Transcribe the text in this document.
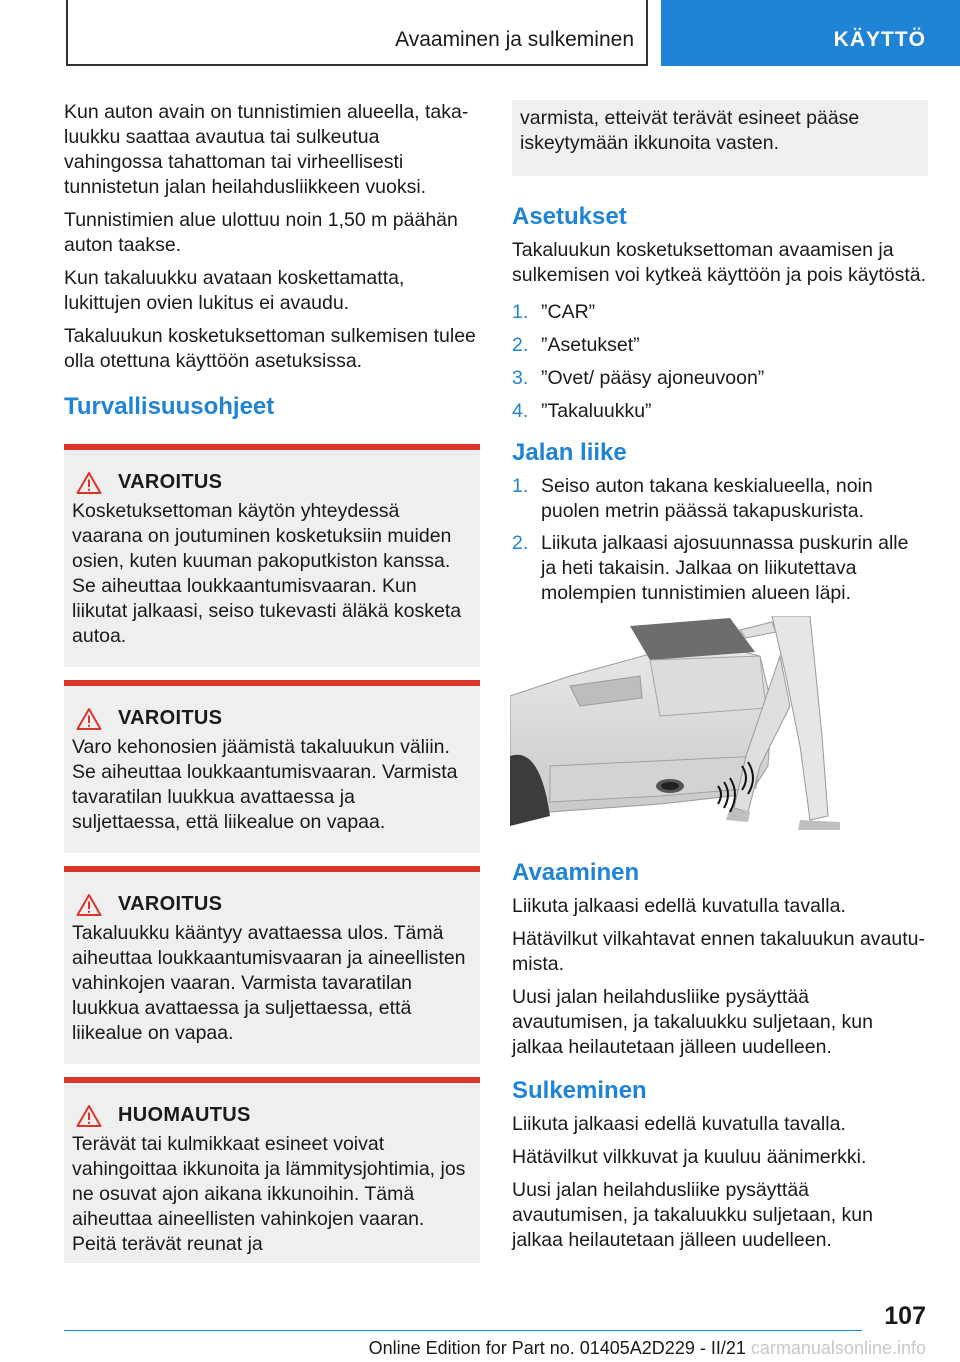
Avaaminen ja sulkeminen	KÄYTTÖ

Kun auton avain on tunnistimien alueella, takaluukku saattaa avautua tai sulkeutua vahingossa tahattoman tai virheellisesti tunnistetun jalan heilahdusliikkeen vuoksi.

Tunnistimien alue ulottuu noin 1,50 m päähän auton taakse.

Kun takaluukku avataan koskettamatta, lukittujen ovien lukitus ei avaudu.

Takaluukun kosketuksettoman sulkemisen tulee olla otettuna käyttöön asetuksissa.

Turvallisuusohjeet
VAROITUS
Kosketuksettoman käytön yhteydessä vaarana on joutuminen kosketuksiin muiden osien, kuten kuuman pakoputkiston kanssa. Se aiheuttaa loukkaantumisvaaran. Kun liikutat jalkaasi, seiso tukevasti äläkä kosketa autoa.
VAROITUS
Varo kehonosien jäämistä takaluukun väliin. Se aiheuttaa loukkaantumisvaaran. Varmista tavaratilan luukkua avattaessa ja suljettaessa, että liikealue on vapaa.
VAROITUS
Takaluukku kääntyy avattaessa ulos. Tämä aiheuttaa loukkaantumisvaaran ja aineellisten vahinkojen vaaran. Varmista tavaratilan luukkua avattaessa ja suljettaessa, että liikealue on vapaa.
HUOMAUTUS
Terävät tai kulmikkaat esineet voivat vahingoittaa ikkunoita ja lämmitysjohtimia, jos ne osuvat ajon aikana ikkunoihin. Tämä aiheuttaa aineellisten vahinkojen vaaran. Peitä terävät reunat ja
varmista, etteivät terävät esineet pääse iskeytymään ikkunoita vasten.
Asetukset

Takaluukun kosketuksettoman avaamisen ja sulkemisen voi kytkeä käyttöön ja pois käytöstä.

1. ”CAR”
2. ”Asetukset”
3. ”Ovet/ pääsy ajoneuvoon”
4. ”Takaluukku”
Jalan liike
1. Seiso auton takana keskialueella, noin puolen metrin päässä takapuskurista.
2. Liikuta jalkaasi ajosuunnassa puskurin alle ja heti takaisin. Jalkaa on liikutettava molempien tunnistimien alueen läpi.
Avaaminen

Liikuta jalkaasi edellä kuvatulla tavalla.

Hätävilkut vilkahtavat ennen takaluukun avautumista.

Uusi jalan heilahdusliike pysäyttää avautumisen, ja takaluukku suljetaan, kun jalkaa heilautetaan jälleen uudelleen.

Sulkeminen

Liikuta jalkaasi edellä kuvatulla tavalla.

Hätävilkut vilkkuvat ja kuuluu äänimerkki.

Uusi jalan heilahdusliike pysäyttää avautumisen, ja takaluukku suljetaan, kun jalkaa heilautetaan jälleen uudelleen.

107
Online Edition for Part no. 01405A2D229 - II/21 carmanualsonline.info
